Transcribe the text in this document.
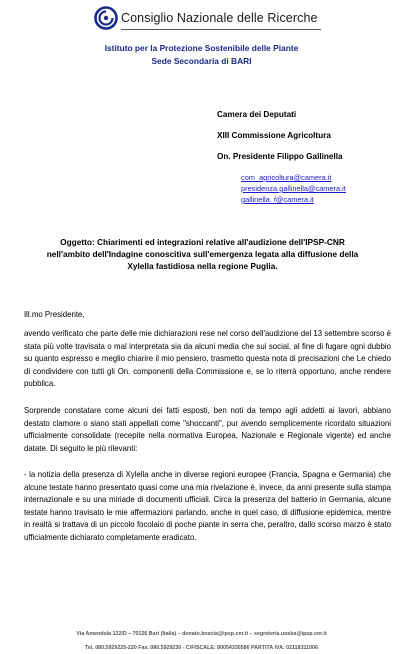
Consiglio Nazionale delle Ricerche
Istituto per la Protezione Sostenibile delle Piante
Sede Secondaria di BARI
Camera dei Deputati
XIII Commissione Agricoltura
On. Presidente Filippo Gallinella
com_agricoltura@camera.it
presidenza.gallinella@camera.it
gallinella_f@camera.it
Oggetto: Chiarimenti ed integrazioni relative all'audizione dell'IPSP-CNR
nell'ambito dell'Indagine conoscitiva sull'emergenza legata alla diffusione della
Xylella fastidiosa nella regione Puglia.
Ill.mo Presidente,
avendo verificato che parte delle mie dichiarazioni rese nel corso dell'audizione del 13 settembre scorso è stata più volte travisata o mal interpretata sia da alcuni media che sui social, al fine di fugare ogni dubbio su quanto espresso e meglio chiarire il mio pensiero, trasmetto questa nota di precisazioni che Le chiedo di condividere con tutti gli On. componenti della Commissione e, se lo riterrà opportuno, anche rendere pubblica.
Sorprende constatare come alcuni dei fatti esposti, ben noti da tempo agli addetti ai lavori, abbiano destato clamore o siano stati appellati come "shoccanti", pur avendo semplicemente ricordato situazioni ufficialmente consolidate (recepite nella normativa Europea, Nazionale e Regionale vigente) ed anche datate. Di seguito le più rilevanti:
- la notizia della presenza di Xylella anche in diverse regioni europee (Francia, Spagna e Germania) che alcune testate hanno presentato quasi come una mia rivelazione è, invece, da anni presente sulla stampa internazionale e su una miriade di documenti ufficiali. Circa la presenza del batterio in Germania, alcune testate hanno travisato le mie affermazioni parlando, anche in quel caso, di diffusione epidemica, mentre in realtà si trattava di un piccolo focolaio di poche piante in serra che, peraltro, dallo scorso marzo è stato ufficialmente dichiarato completamente eradicato.
Via Amendola 122/D – 70126 Bari (Italia) – donato.boscia@ipsp.cnr.it – segreteria.uosba@ipsp.cnr.it
Tel. 080.5929225-220 Fax. 080.5929230 - C/FISCALE: 80054330586 PARTITA IVA: 02118311006
